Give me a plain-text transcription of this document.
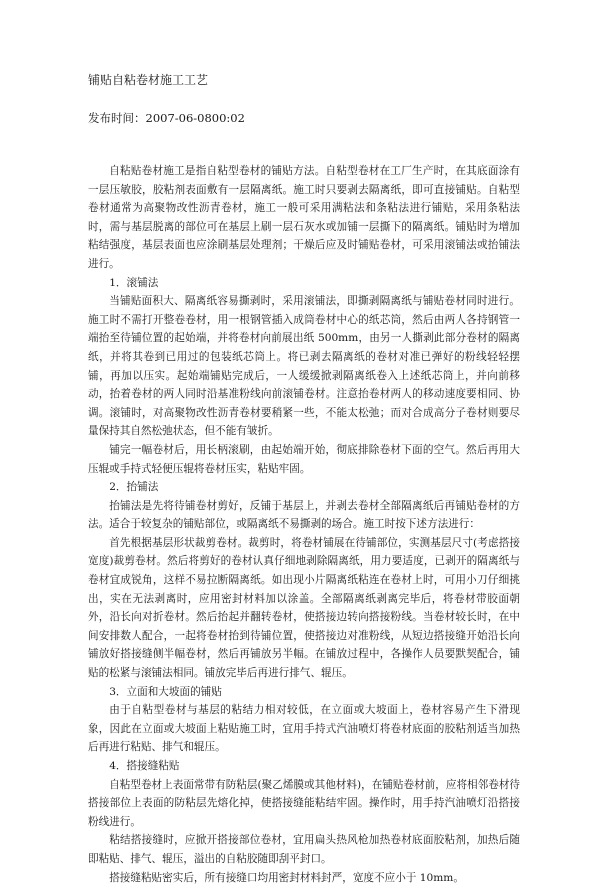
铺贴自粘卷材施工工艺

发布时间：2007-06-0800:02

自粘贴卷材施工是指自粘型卷材的铺贴方法。自粘型卷材在工厂生产时，在其底面涂有一层压敏胶，胶粘剂表面敷有一层隔离纸。施工时只要剥去隔离纸，即可直接铺贴。自粘型卷材通常为高聚物改性沥青卷材，施工一般可采用满粘法和条粘法进行铺贴，采用条粘法时，需与基层脱离的部位可在基层上刷一层石灰水或加铺一层撕下的隔离纸。铺贴时为增加粘结强度，基层表面也应涂刷基层处理剂；干燥后应及时铺贴卷材，可采用滚铺法或抬铺法进行。

1．滚铺法

当铺贴面积大、隔离纸容易撕剥时，采用滚铺法，即撕剥隔离纸与铺贴卷材同时进行。施工时不需打开整卷卷材，用一根钢管插入成筒卷材中心的纸芯筒，然后由两人各持钢管一端抬至待铺位置的起始端，并将卷材向前展出纸 500mm，由另一人撕剥此部分卷材的隔离纸，并将其卷到已用过的包装纸芯筒上。将已剥去隔离纸的卷材对准已弹好的粉线轻轻摆铺，再加以压实。起始端铺贴完成后，一人缓缓掀剥隔离纸卷入上述纸芯筒上，并向前移动，抬着卷材的两人同时沿基准粉线向前滚铺卷材。注意抬卷材两人的移动速度要相同、协调。滚铺时，对高聚物改性沥青卷材要稍紧一些，不能太松弛；而对合成高分子卷材则要尽量保持其自然松弛状态，但不能有皱折。

铺完一幅卷材后，用长柄滚刷，由起始端开始，彻底排除卷材下面的空气。然后再用大压辊或手持式轻便压辊将卷材压实，粘贴牢固。

2．抬铺法

抬铺法是先将待铺卷材剪好，反铺于基层上，并剥去卷材全部隔离纸后再铺贴卷材的方法。适合于较复杂的铺贴部位，或隔离纸不易撕剥的场合。施工时按下述方法进行：

首先根据基层形状裁剪卷材。裁剪时，将卷材铺展在待铺部位，实测基层尺寸(考虑搭接宽度)裁剪卷材。然后将剪好的卷材认真仔细地剥除隔离纸，用力要适度，已剥开的隔离纸与卷材宜成锐角，这样不易拉断隔离纸。如出现小片隔离纸粘连在卷材上时，可用小刀仔细挑出，实在无法剥离时，应用密封材料加以涂盖。全部隔离纸剥离完毕后，将卷材带胶面朝外，沿长向对折卷材。然后抬起并翻转卷材，使搭接边转向搭接粉线。当卷材较长时，在中间安排数人配合，一起将卷材抬到待铺位置，使搭接边对准粉线，从短边搭接缝开始沿长向铺放好搭接缝侧半幅卷材，然后再铺放另半幅。在铺放过程中，各操作人员要默契配合，铺贴的松紧与滚铺法相同。铺放完毕后再进行排气、辊压。

3．立面和大坡面的铺贴

由于自粘型卷材与基层的粘结力相对较低，在立面或大坡面上，卷材容易产生下滑现象，因此在立面或大坡面上粘贴施工时，宜用手持式汽油喷灯将卷材底面的胶粘剂适当加热后再进行粘贴、排气和辊压。

4．搭接缝粘贴

自粘型卷材上表面常带有防粘层(聚乙烯膜或其他材料)，在铺贴卷材前，应将相邻卷材待搭接部位上表面的防粘层先熔化掉，使搭接缝能粘结牢固。操作时，用手持汽油喷灯沿搭接粉线进行。

粘结搭接缝时，应掀开搭接部位卷材，宜用扁头热风枪加热卷材底面胶粘剂，加热后随即粘贴、排气、辊压，溢出的自粘胶随即刮平封口。

搭接缝粘贴密实后，所有接缝口均用密封材料封严，宽度不应小于 10mm。
